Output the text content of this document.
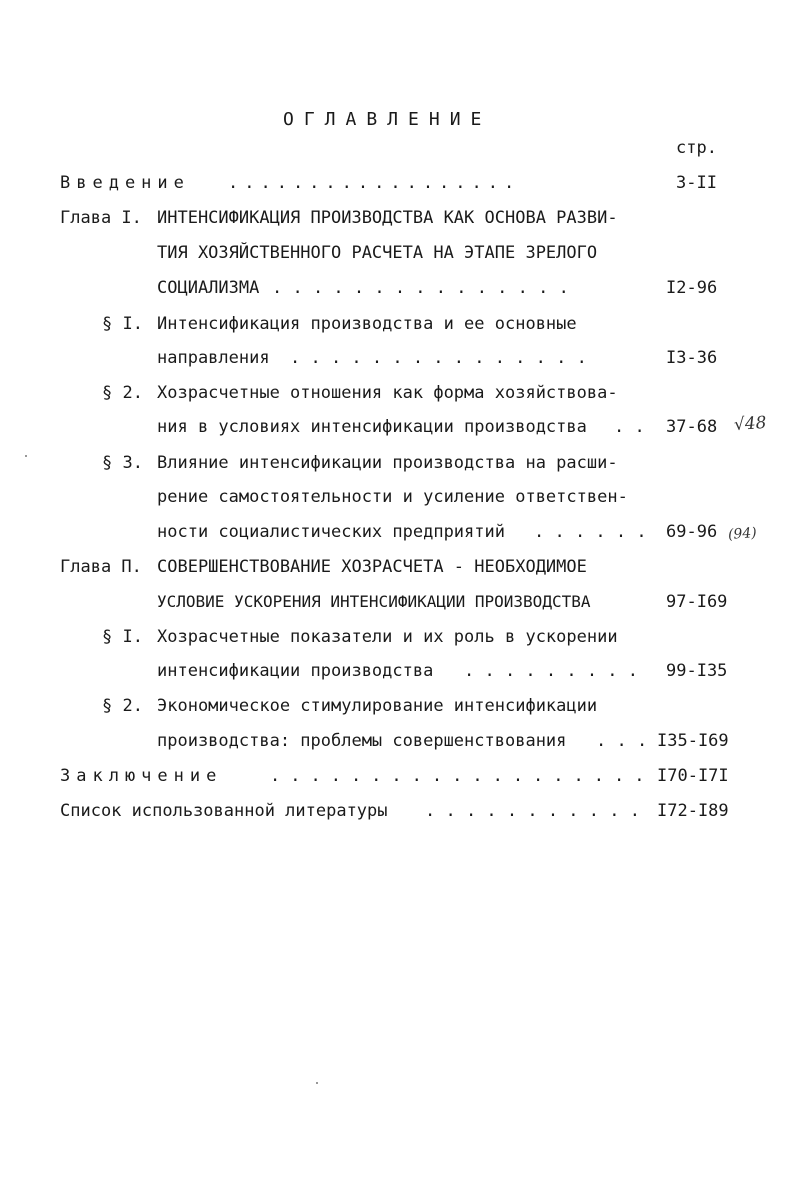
ОГЛАВЛЕНИЕ
стр.
Введение ..................	3-II
Глава I. ИНТЕНСИФИКАЦИЯ ПРОИЗВОДСТВА КАК ОСНОВА РАЗВИ-
ТИЯ ХОЗЯЙСТВЕННОГО РАСЧЕТА НА ЭТАПЕ ЗРЕЛОГО
СОЦИАЛИЗМА . . . . . . . . . . . . . . .	I2-96
§ I. Интенсификация производства и ее основные
направления . . . . . . . . . . . . . . .	I3-36
§ 2. Хозрасчетные отношения как форма хозяйствова-
ния в условиях интенсификации производства . . 37-68 √48
§ 3. Влияние интенсификации производства на расши-
рение самостоятельности и усиление ответствен-
ности социалистических предприятий . . . . . . 69-96 (94)
Глава П. СОВЕРШЕНСТВОВАНИЕ ХОЗРАСЧЕТА - НЕОБХОДИМОЕ
УСЛОВИЕ УСКОРЕНИЯ ИНТЕНСИФИКАЦИИ ПРОИЗВОДСТВА	97-I69
§ I. Хозрасчетные показатели и их роль в ускорении
интенсификации производства . . . . . . . . . 99-I35
§ 2. Экономическое стимулирование интенсификации
производства: проблемы совершенствования . . . I35-I69
Заключение	................... I70-I7I
Список использованной литературы . . . . . . . . . . . I72-I89
